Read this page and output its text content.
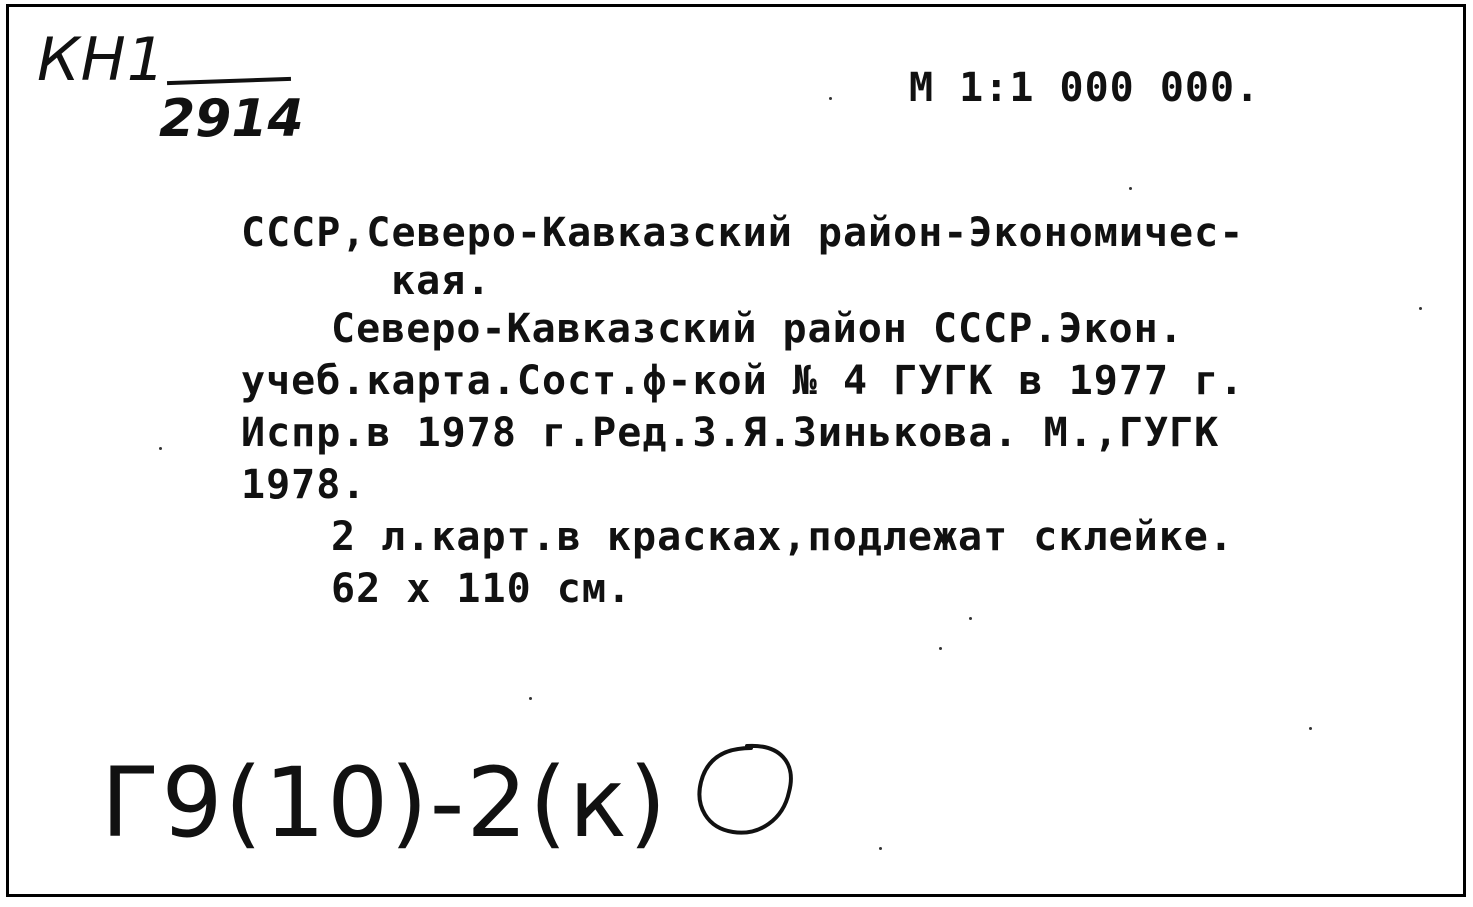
КН1
2914
М 1:1 000 000.
СССР,Северо-Кавказский район-Экономичес-
кая.
Северо-Кавказский район СССР.Экон.
учеб.карта.Сост.ф-кой № 4 ГУГК в 1977 г.
Испр.в 1978 г.Ред.З.Я.Зинькова. М.,ГУГК
1978.
2 л.карт.в красках,подлежат склейке.
62 х 110 см.
Г9(10)-2(к)
